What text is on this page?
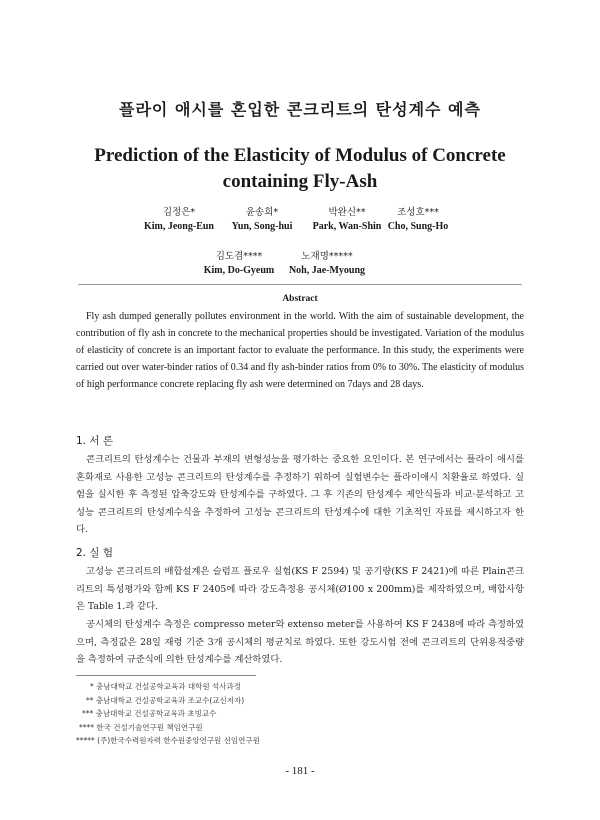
플라이 애시를 혼입한 콘크리트의 탄성계수 예측
Prediction of the Elasticity of Modulus of Concrete containing Fly-Ash
김정은*
Kim, Jeong-Eun
윤송희*
Yun, Song-hui
박완신**
Park, Wan-Shin
조성호***
Cho, Sung-Ho
김도겸****
Kim, Do-Gyeum
노재명*****
Noh, Jae-Myoung
Abstract
Fly ash dumped generally pollutes environment in the world. With the aim of sustainable development, the contribution of fly ash in concrete to the mechanical properties should be investigated. Variation of the modulus of elasticity of concrete is an important factor to evaluate the performance. In this study, the experiments were carried out over water-binder ratios of 0.34 and fly ash-binder ratios from 0% to 30%. The elasticity of modulus of high performance concrete replacing fly ash were determined on 7days and 28 days.
1. 서 론
콘크리트의 탄성계수는 건물과 부재의 변형성능을 평가하는 중요한 요인이다. 본 연구에서는 플라이 애시를 혼화재로 사용한 고성능 콘크리트의 탄성계수를 추정하기 위하여 실험변수는 플라이애시 치환율로 하였다. 실험을 실시한 후 측정된 압축강도와 탄성계수를 구하였다. 그 후 기존의 탄성계수 제안식들과 비교·분석하고 고성능 콘크리트의 탄성계수식을 추정하여 고성능 콘크리트의 탄성계수에 대한 기초적인 자료를 제시하고자 한다.
2. 실 험
고성능 콘크리트의 배합설계은 슬럼프 플로우 실험(KS F 2594) 및 공기량(KS F 2421)에 따른 Plain콘크리트의 특성평가와 함께 KS F 2405에 따라 강도측정용 공시체(Ø100 x 200mm)를 제작하였으며, 배합사항은 Table 1.과 같다.
공시체의 탄성계수 측정은 compresso meter와 extenso meter를 사용하여 KS F 2438에 따라 측정하였으며, 측정값은 28일 재령 기준 3개 공시체의 평균치로 하였다. 또한 강도시험 전에 콘크리트의 단위용적중량을 측정하여 규준식에 의한 탄성계수를 계산하였다.
* 충남대학교 건설공학교육과 대학원 석사과정
** 충남대학교 건설공학교육과 조교수(교신저자)
*** 충남대학교 건설공학교육과 초빙교수
**** 한국 건설기술연구원 책임연구원
***** (주)한국수력원자력 한수원중앙연구원 선임연구원
- 181 -
